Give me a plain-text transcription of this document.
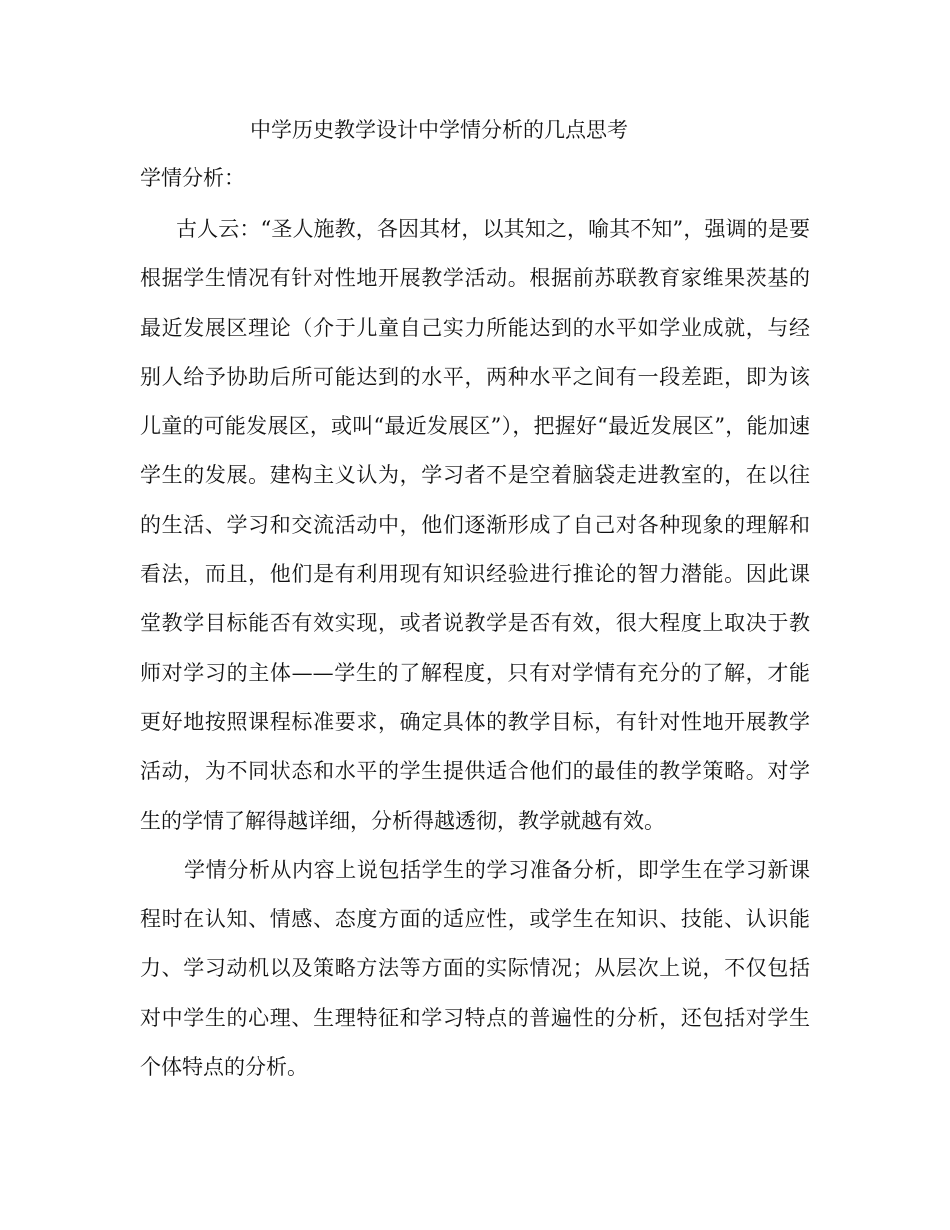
中学历史教学设计中学情分析的几点思考
学情分析：

古人云：“圣人施教，各因其材，以其知之，喻其不知”，强调的是要根据学生情况有针对性地开展教学活动。根据前苏联教育家维果茨基的最近发展区理论（介于儿童自己实力所能达到的水平如学业成就，与经别人给予协助后所可能达到的水平，两种水平之间有一段差距，即为该儿童的可能发展区，或叫“最近发展区”），把握好“最近发展区”，能加速学生的发展。建构主义认为，学习者不是空着脑袋走进教室的，在以往的生活、学习和交流活动中，他们逐渐形成了自己对各种现象的理解和看法，而且，他们是有利用现有知识经验进行推论的智力潜能。因此课堂教学目标能否有效实现，或者说教学是否有效，很大程度上取决于教师对学习的主体——学生的了解程度，只有对学情有充分的了解，才能更好地按照课程标准要求，确定具体的教学目标，有针对性地开展教学活动，为不同状态和水平的学生提供适合他们的最佳的教学策略。对学生的学情了解得越详细，分析得越透彻，教学就越有效。

学情分析从内容上说包括学生的学习准备分析，即学生在学习新课程时在认知、情感、态度方面的适应性，或学生在知识、技能、认识能力、学习动机以及策略方法等方面的实际情况；从层次上说，不仅包括对中学生的心理、生理特征和学习特点的普遍性的分析，还包括对学生个体特点的分析。
